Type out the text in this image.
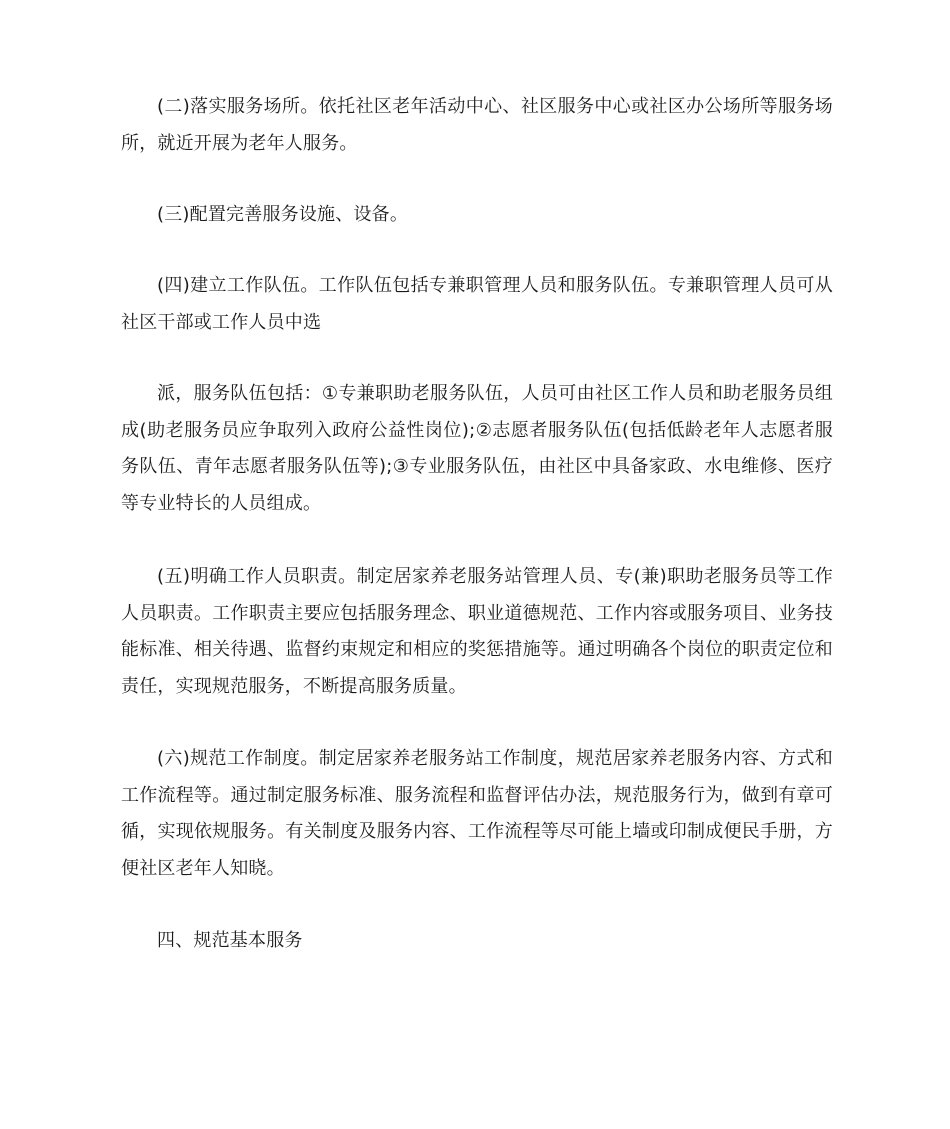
(二)落实服务场所。依托社区老年活动中心、社区服务中心或社区办公场所等服务场所，就近开展为老年人服务。

(三)配置完善服务设施、设备。

(四)建立工作队伍。工作队伍包括专兼职管理人员和服务队伍。专兼职管理人员可从社区干部或工作人员中选

派，服务队伍包括：①专兼职助老服务队伍，人员可由社区工作人员和助老服务员组成(助老服务员应争取列入政府公益性岗位);②志愿者服务队伍(包括低龄老年人志愿者服务队伍、青年志愿者服务队伍等);③专业服务队伍，由社区中具备家政、水电维修、医疗等专业特长的人员组成。

(五)明确工作人员职责。制定居家养老服务站管理人员、专(兼)职助老服务员等工作人员职责。工作职责主要应包括服务理念、职业道德规范、工作内容或服务项目、业务技能标准、相关待遇、监督约束规定和相应的奖惩措施等。通过明确各个岗位的职责定位和责任，实现规范服务，不断提高服务质量。

(六)规范工作制度。制定居家养老服务站工作制度，规范居家养老服务内容、方式和工作流程等。通过制定服务标准、服务流程和监督评估办法，规范服务行为，做到有章可循，实现依规服务。有关制度及服务内容、工作流程等尽可能上墙或印制成便民手册，方便社区老年人知晓。

四、规范基本服务
